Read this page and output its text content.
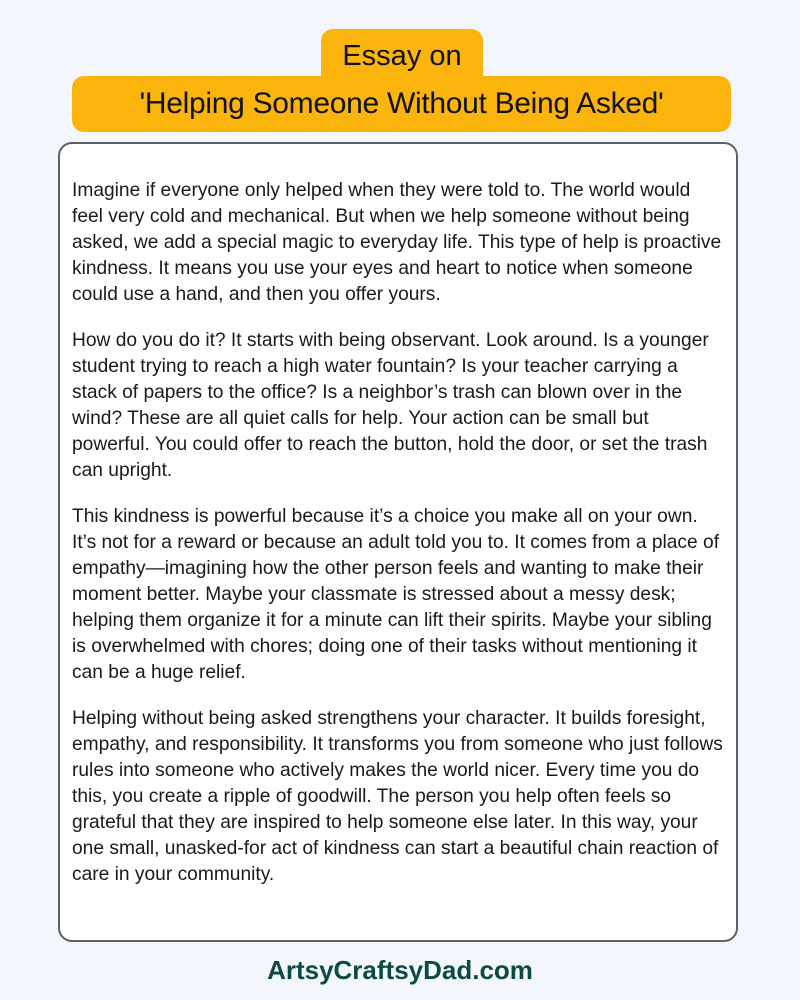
Essay on
'Helping Someone Without Being Asked'

Imagine if everyone only helped when they were told to. The world would feel very cold and mechanical. But when we help someone without being asked, we add a special magic to everyday life. This type of help is proactive kindness. It means you use your eyes and heart to notice when someone could use a hand, and then you offer yours.

How do you do it? It starts with being observant. Look around. Is a younger student trying to reach a high water fountain? Is your teacher carrying a stack of papers to the office? Is a neighbor’s trash can blown over in the wind? These are all quiet calls for help. Your action can be small but powerful. You could offer to reach the button, hold the door, or set the trash can upright.

This kindness is powerful because it’s a choice you make all on your own. It’s not for a reward or because an adult told you to. It comes from a place of empathy—imagining how the other person feels and wanting to make their moment better. Maybe your classmate is stressed about a messy desk; helping them organize it for a minute can lift their spirits. Maybe your sibling is overwhelmed with chores; doing one of their tasks without mentioning it can be a huge relief.

Helping without being asked strengthens your character. It builds foresight, empathy, and responsibility. It transforms you from someone who just follows rules into someone who actively makes the world nicer. Every time you do this, you create a ripple of goodwill. The person you help often feels so grateful that they are inspired to help someone else later. In this way, your one small, unasked-for act of kindness can start a beautiful chain reaction of care in your community.

ArtsyCraftsyDad.com
